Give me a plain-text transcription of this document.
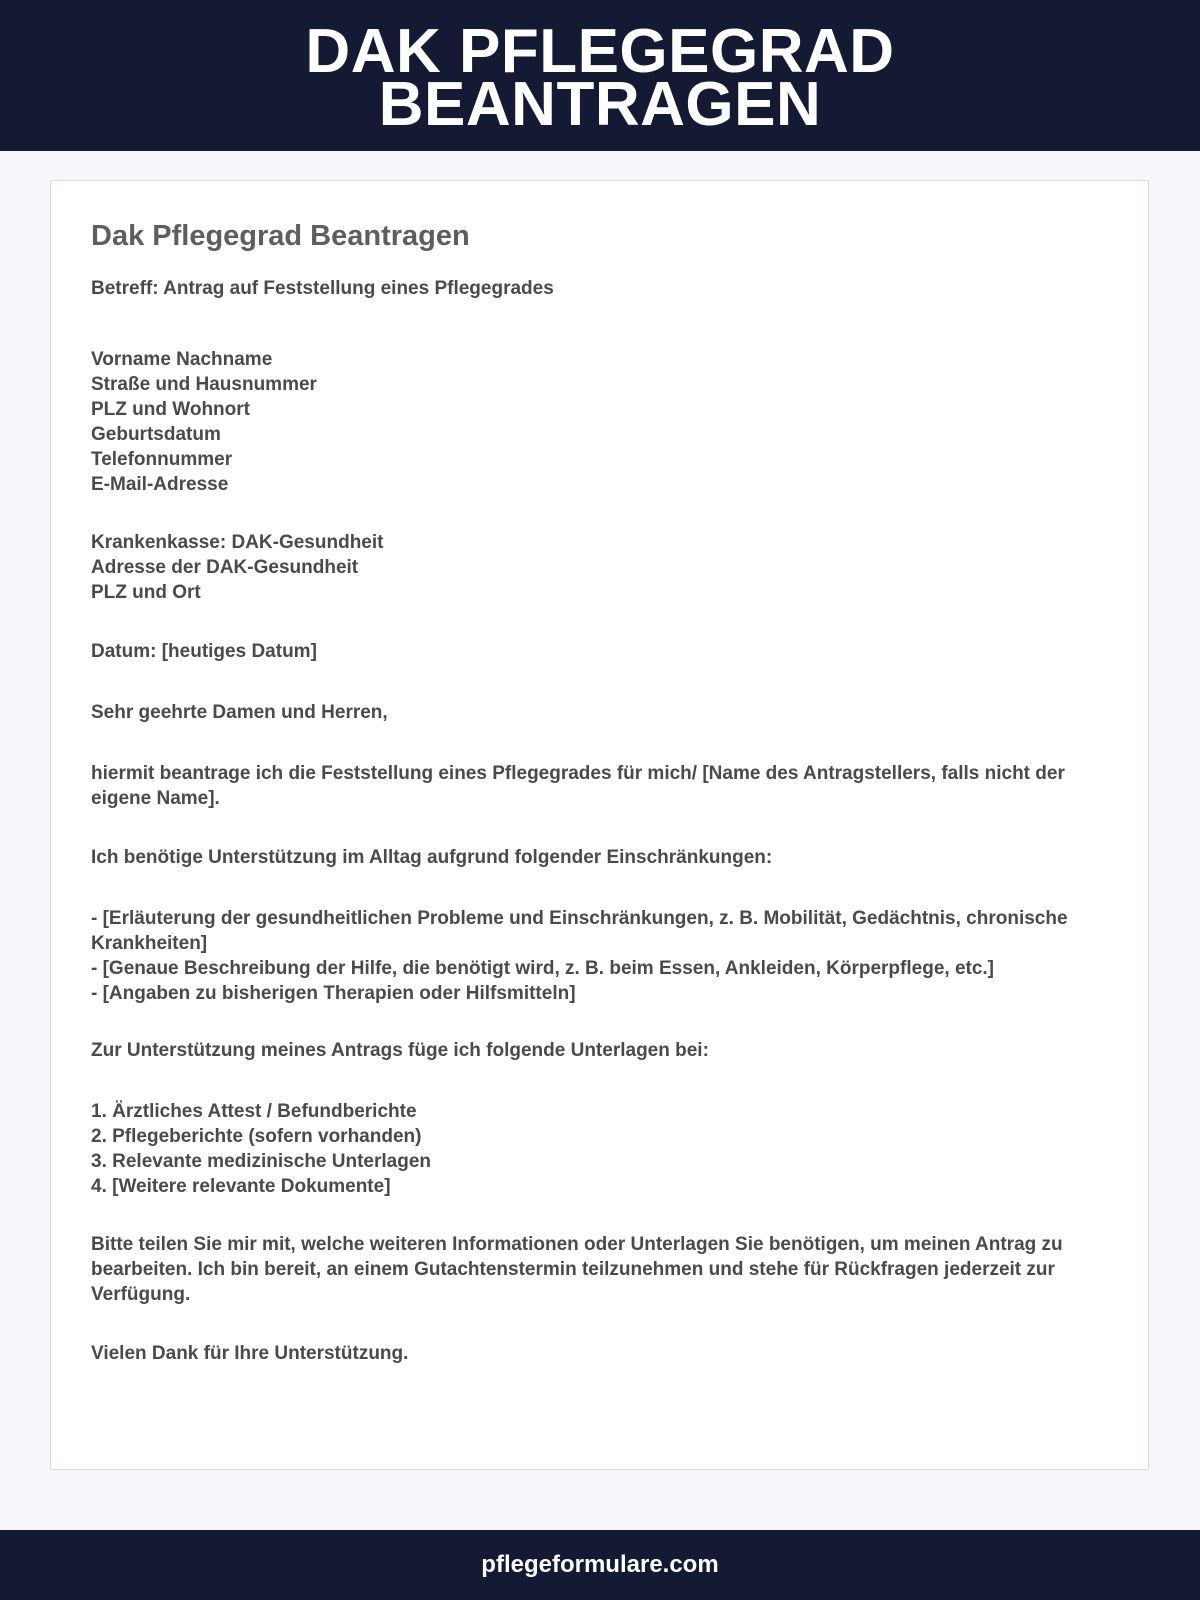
DAK PFLEGEGRAD
BEANTRAGEN
Dak Pflegegrad Beantragen

Betreff: Antrag auf Feststellung eines Pflegegrades

Vorname Nachname
Straße und Hausnummer
PLZ und Wohnort
Geburtsdatum
Telefonnummer
E-Mail-Adresse

Krankenkasse: DAK-Gesundheit
Adresse der DAK-Gesundheit
PLZ und Ort

Datum: [heutiges Datum]

Sehr geehrte Damen und Herren,

hiermit beantrage ich die Feststellung eines Pflegegrades für mich/ [Name des Antragstellers, falls nicht der eigene Name].

Ich benötige Unterstützung im Alltag aufgrund folgender Einschränkungen:

- [Erläuterung der gesundheitlichen Probleme und Einschränkungen, z. B. Mobilität, Gedächtnis, chronische Krankheiten]
- [Genaue Beschreibung der Hilfe, die benötigt wird, z. B. beim Essen, Ankleiden, Körperpflege, etc.]
- [Angaben zu bisherigen Therapien oder Hilfsmitteln]

Zur Unterstützung meines Antrags füge ich folgende Unterlagen bei:

1. Ärztliches Attest / Befundberichte
2. Pflegeberichte (sofern vorhanden)
3. Relevante medizinische Unterlagen
4. [Weitere relevante Dokumente]

Bitte teilen Sie mir mit, welche weiteren Informationen oder Unterlagen Sie benötigen, um meinen Antrag zu bearbeiten. Ich bin bereit, an einem Gutachtenstermin teilzunehmen und stehe für Rückfragen jederzeit zur Verfügung.

Vielen Dank für Ihre Unterstützung.

pflegeformulare.com
